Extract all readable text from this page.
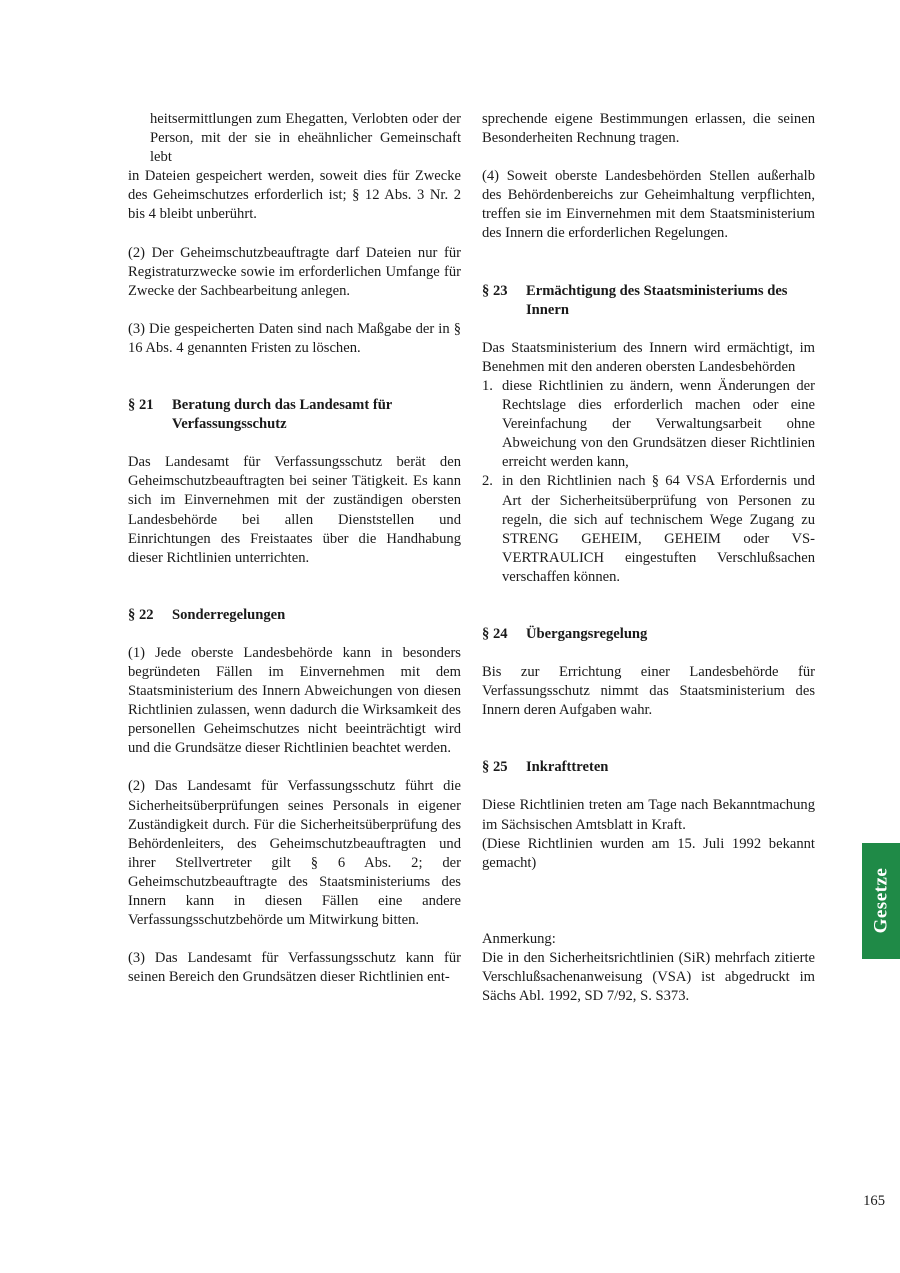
heitsermittlungen zum Ehegatten, Verlobten oder der Person, mit der sie in eheähnlicher Gemeinschaft lebt

in Dateien gespeichert werden, soweit dies für Zwecke des Geheimschutzes erforderlich ist; § 12 Abs. 3 Nr. 2 bis 4 bleibt unberührt.

(2) Der Geheimschutzbeauftragte darf Dateien nur für Registraturzwecke sowie im erforderlichen Umfange für Zwecke der Sachbearbeitung anlegen.

(3) Die gespeicherten Daten sind nach Maßgabe der in § 16 Abs. 4 genannten Fristen zu löschen.

§ 21	Beratung durch das Landesamt für Verfassungsschutz

Das Landesamt für Verfassungsschutz berät den Geheimschutzbeauftragten bei seiner Tätigkeit. Es kann sich im Einvernehmen mit der zuständigen obersten Landesbehörde bei allen Dienststellen und Einrichtungen des Freistaates über die Handhabung dieser Richtlinien unterrichten.

§ 22	Sonderregelungen

(1) Jede oberste Landesbehörde kann in besonders begründeten Fällen im Einvernehmen mit dem Staatsministerium des Innern Abweichungen von diesen Richtlinien zulassen, wenn dadurch die Wirksamkeit des personellen Geheimschutzes nicht beeinträchtigt wird und die Grundsätze dieser Richtlinien beachtet werden.

(2) Das Landesamt für Verfassungsschutz führt die Sicherheitsüberprüfungen seines Personals in eigener Zuständigkeit durch. Für die Sicherheitsüberprüfung des Behördenleiters, des Geheimschutzbeauftragten und ihrer Stellvertreter gilt § 6 Abs. 2; der Geheimschutzbeauftragte des Staatsministeriums des Innern kann in diesen Fällen eine andere Verfassungsschutzbehörde um Mitwirkung bitten.

(3) Das Landesamt für Verfassungsschutz kann für seinen Bereich den Grundsätzen dieser Richtlinien ent-

sprechende eigene Bestimmungen erlassen, die seinen Besonderheiten Rechnung tragen.

(4) Soweit oberste Landesbehörden Stellen außerhalb des Behördenbereichs zur Geheimhaltung verpflichten, treffen sie im Einvernehmen mit dem Staatsministerium des Innern die erforderlichen Regelungen.

§ 23	Ermächtigung des Staatsministeriums des Innern

Das Staatsministerium des Innern wird ermächtigt, im Benehmen mit den anderen obersten Landesbehörden

1. diese Richtlinien zu ändern, wenn Änderungen der Rechtslage dies erforderlich machen oder eine Vereinfachung der Verwaltungsarbeit ohne Abweichung von den Grundsätzen dieser Richtlinien erreicht werden kann,
2. in den Richtlinien nach § 64 VSA Erfordernis und Art der Sicherheitsüberprüfung von Personen zu regeln, die sich auf technischem Wege Zugang zu STRENG GEHEIM, GEHEIM oder VS-VERTRAULICH eingestuften Verschlußsachen verschaffen können.
§ 24	Übergangsregelung

Bis zur Errichtung einer Landesbehörde für Verfassungsschutz nimmt das Staatsministerium des Innern deren Aufgaben wahr.

§ 25	Inkrafttreten

Diese Richtlinien treten am Tage nach Bekanntmachung im Sächsischen Amtsblatt in Kraft.

(Diese Richtlinien wurden am 15. Juli 1992 bekannt gemacht)

Anmerkung:

Die in den Sicherheitsrichtlinien (SiR) mehrfach zitierte Verschlußsachenanweisung (VSA) ist abgedruckt im Sächs Abl. 1992, SD 7/92, S. S373.

Gesetze
165
